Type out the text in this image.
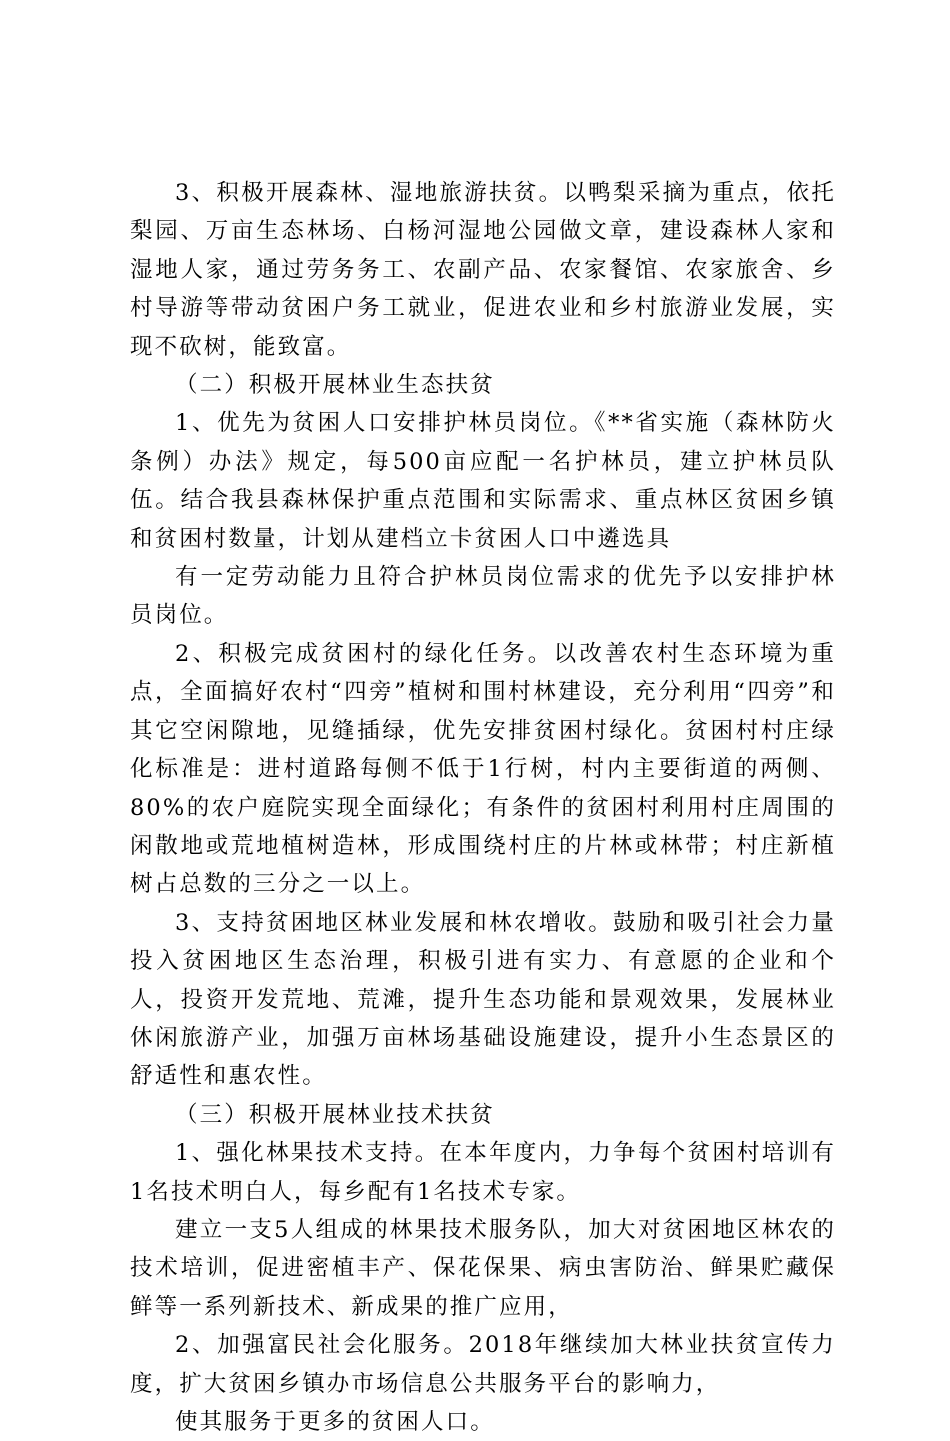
3、积极开展森林、湿地旅游扶贫。以鸭梨采摘为重点，依托梨园、万亩生态林场、白杨河湿地公园做文章，建设森林人家和湿地人家，通过劳务务工、农副产品、农家餐馆、农家旅舍、乡村导游等带动贫困户务工就业，促进农业和乡村旅游业发展，实现不砍树，能致富。

（二）积极开展林业生态扶贫

1、优先为贫困人口安排护林员岗位。《**省实施（森林防火条例）办法》规定，每500亩应配一名护林员，建立护林员队伍。结合我县森林保护重点范围和实际需求、重点林区贫困乡镇和贫困村数量，计划从建档立卡贫困人口中遴选具

有一定劳动能力且符合护林员岗位需求的优先予以安排护林员岗位。

2、积极完成贫困村的绿化任务。以改善农村生态环境为重点，全面搞好农村“四旁”植树和围村林建设，充分利用“四旁”和其它空闲隙地，见缝插绿，优先安排贫困村绿化。贫困村村庄绿化标准是：进村道路每侧不低于1行树，村内主要街道的两侧、80%的农户庭院实现全面绿化；有条件的贫困村利用村庄周围的闲散地或荒地植树造林，形成围绕村庄的片林或林带；村庄新植树占总数的三分之一以上。

3、支持贫困地区林业发展和林农增收。鼓励和吸引社会力量投入贫困地区生态治理，积极引进有实力、有意愿的企业和个人，投资开发荒地、荒滩，提升生态功能和景观效果，发展林业休闲旅游产业，加强万亩林场基础设施建设，提升小生态景区的舒适性和惠农性。

（三）积极开展林业技术扶贫

1、强化林果技术支持。在本年度内，力争每个贫困村培训有1名技术明白人，每乡配有1名技术专家。

建立一支5人组成的林果技术服务队，加大对贫困地区林农的技术培训，促进密植丰产、保花保果、病虫害防治、鲜果贮藏保鲜等一系列新技术、新成果的推广应用，

2、加强富民社会化服务。2018年继续加大林业扶贫宣传力度，扩大贫困乡镇办市场信息公共服务平台的影响力，

使其服务于更多的贫困人口。
